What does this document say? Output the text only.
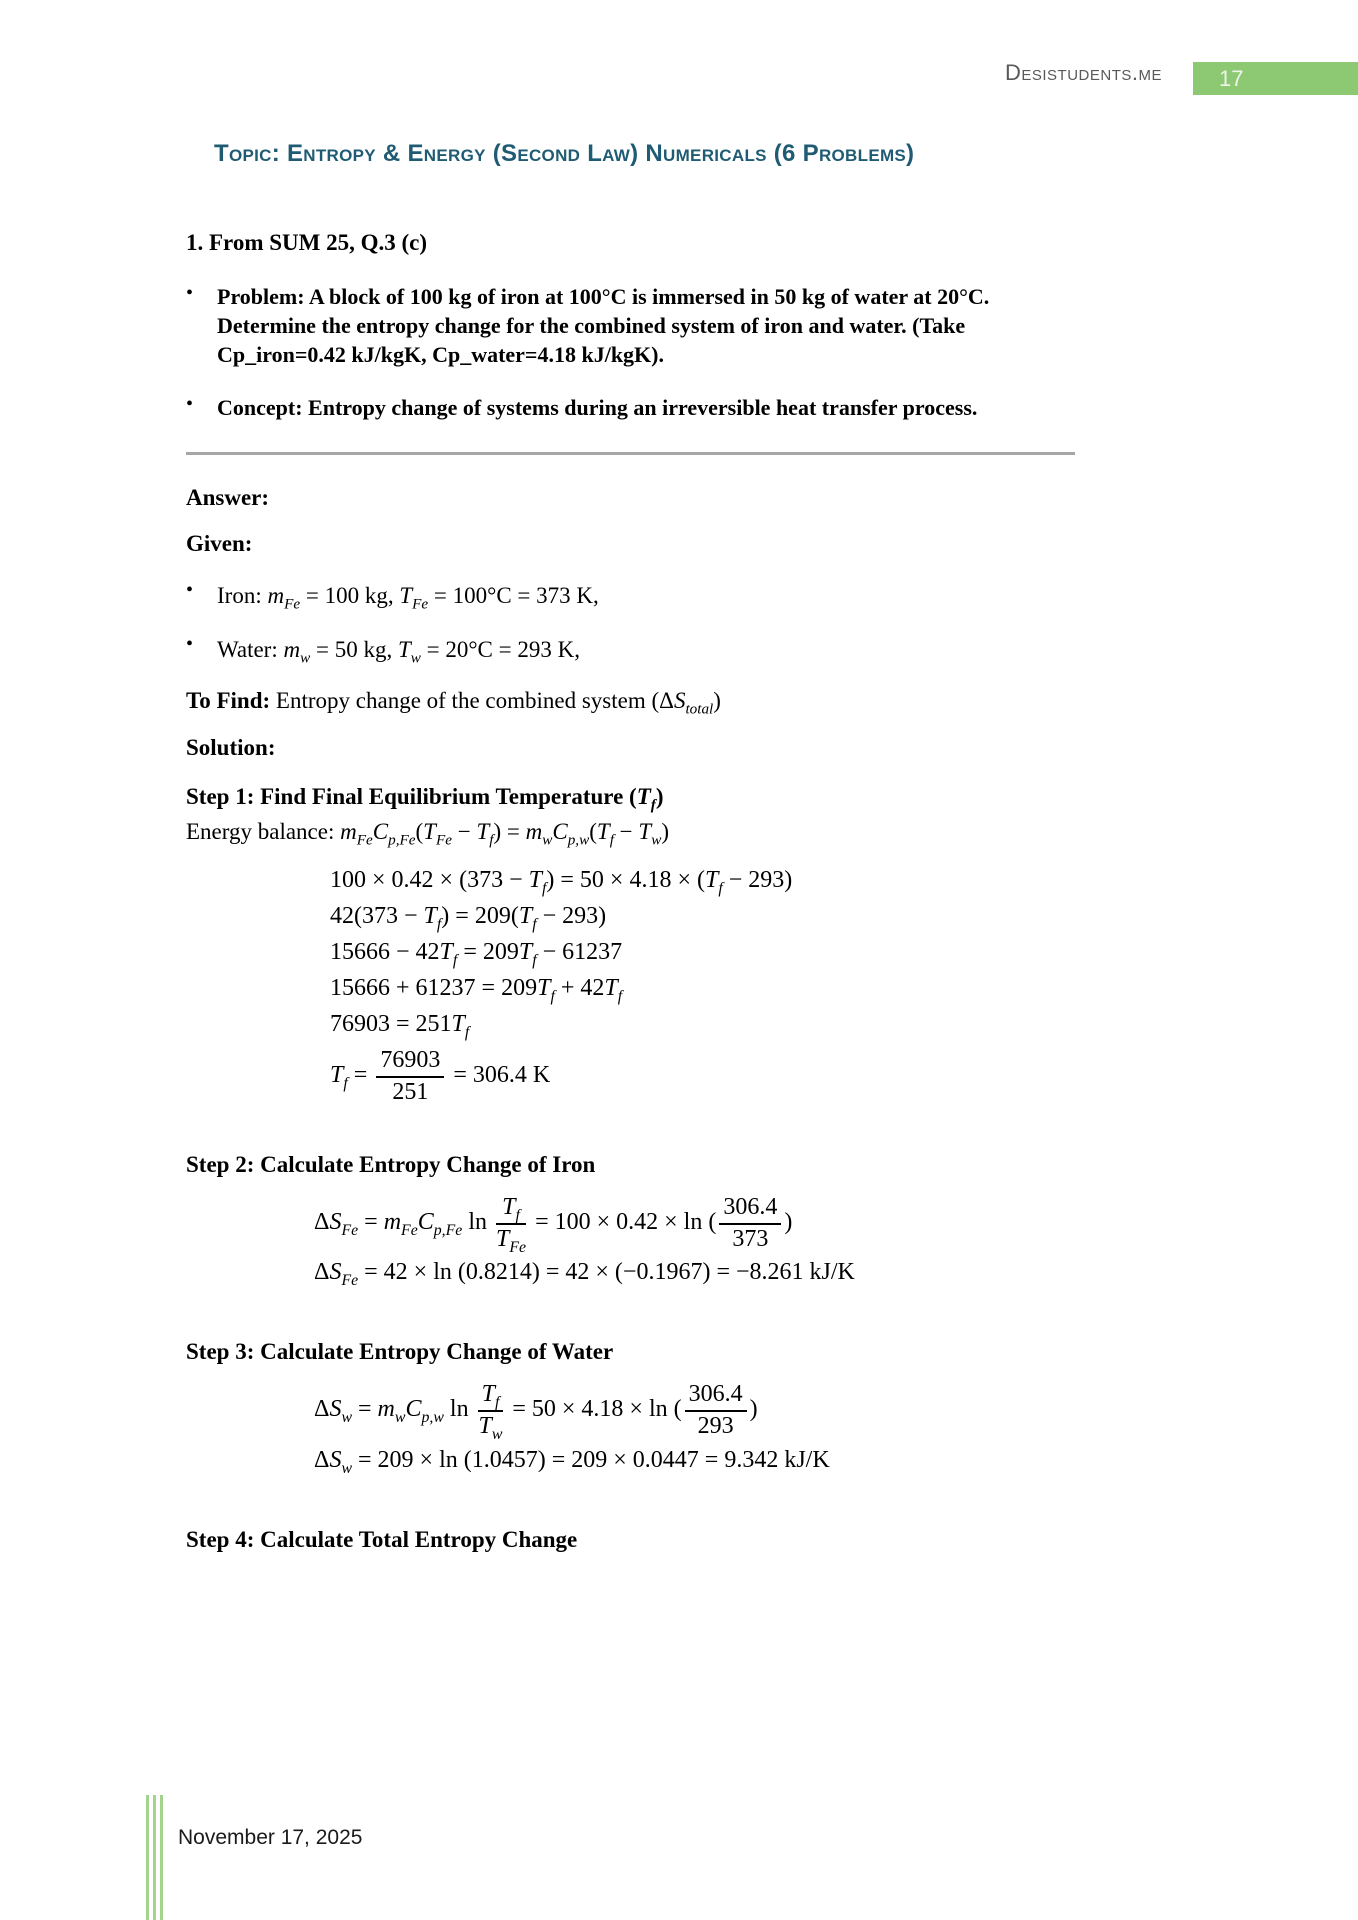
Desistudents.me	17
Topic: Entropy & Energy (Second Law) Numericals (6 Problems)
1. From SUM 25, Q.3 (c)
•	Problem: A block of 100 kg of iron at 100°C is immersed in 50 kg of water at 20°C. Determine the entropy change for the combined system of iron and water. (Take Cp_iron=0.42 kJ/kgK, Cp_water=4.18 kJ/kgK).
•	Concept: Entropy change of systems during an irreversible heat transfer process.
Answer:
Given:
•	Iron: $m_{Fe} = 100$ kg, $T_{Fe} = 100^\circ C = 373$ K,
•	Water: $m_w = 50$ kg, $T_w = 20^\circ C = 293$ K,
To Find: Entropy change of the combined system $(\Delta S_{total})$
Solution:
Step 1: Find Final Equilibrium Temperature $(T_f)$
Energy balance: $m_{Fe}C_{p,Fe}(T_{Fe} - T_f) = m_wC_{p,w}(T_f - T_w)$
$100 \times 0.42 \times (373 - T_f) = 50 \times 4.18 \times (T_f - 293)$
$42(373 - T_f) = 209(T_f - 293)$
$15666 - 42T_f = 209T_f - 61237$
$15666 + 61237 = 209T_f + 42T_f$
$76903 = 251T_f$
$T_f = \frac{76903}{251} = 306.4$ K
Step 2: Calculate Entropy Change of Iron
$\Delta S_{Fe} = m_{Fe}C_{p,Fe}$ $\ln \frac{T_f}{T_{Fe}} = 100 \times 0.42 \times \ln$ ( $\frac{306.4}{373}$ )
$\Delta S_{Fe} = 42 \times \ln (0.8214) = 42 \times (-0.1967) = -8.261$ kJ/K
Step 3: Calculate Entropy Change of Water
$\Delta S_w = m_wC_{p,w}$ $\ln \frac{T_f}{T_w} = 50 \times 4.18 \times \ln$ ( $\frac{306.4}{293}$ )
$\Delta S_w = 209 \times \ln (1.0457) = 209 \times 0.0447 = 9.342$ kJ/K
Step 4: Calculate Total Entropy Change
November 17, 2025
